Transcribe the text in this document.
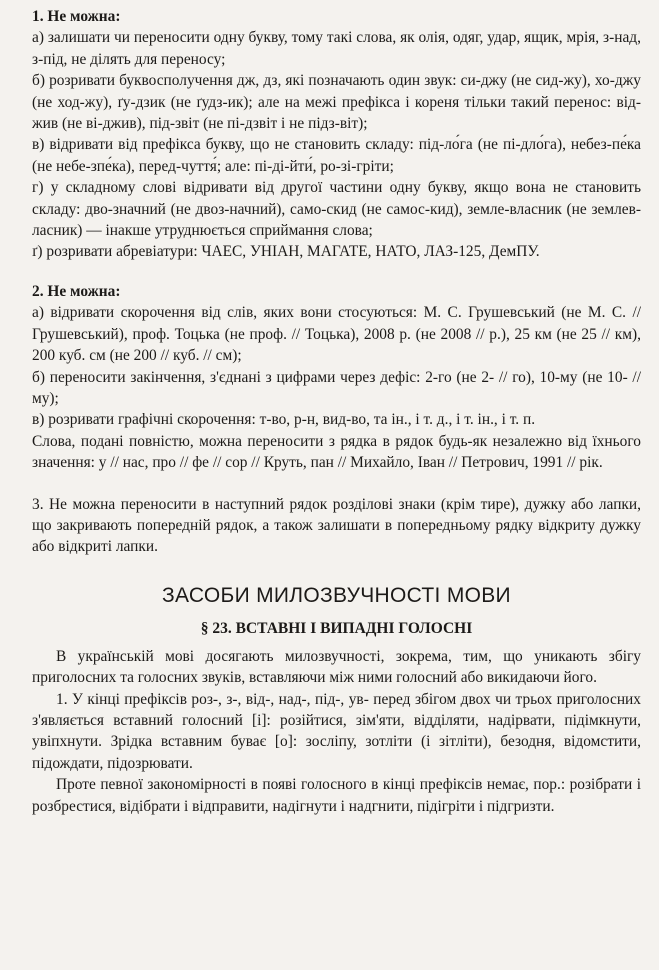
1. Не можна:

а) залишати чи переносити одну букву, тому такі слова, як олія, одяг, удар, ящик, мрія, з-над, з-під, не ділять для переносу;

б) розривати буквосполучення дж, дз, які позначають один звук: си-джу (не сид-жу), хо-джу (не ход-жу), ґу-дзик (не ґудз-ик); але на межі префікса і кореня тільки такий перенос: від-жив (не ві-джив), під-звіт (не пі-дзвіт і не підз-віт);

в) відривати від префікса букву, що не становить складу: під-ло́га (не пі-дло́га), небез-пе́ка (не небе-зпе́ка), перед-чуття́; але: пі-ді-йти́, ро-зі-гріти;

г) у складному слові відривати від другої частини одну букву, якщо вона не становить складу: дво-значний (не двоз-начний), само-скид (не самос-кид), земле-власник (не землев-ласник) — інакше утруднюється сприймання слова;

ґ) розривати абревіатури: ЧАЕС, УНІАН, МАГАТЕ, НАТО, ЛАЗ-125, ДемПУ.

2. Не можна:

а) відривати скорочення від слів, яких вони стосуються: М. С. Грушевський (не М. С. // Грушевський), проф. Тоцька (не проф. // Тоцька), 2008 р. (не 2008 // р.), 25 км (не 25 // км), 200 куб. см (не 200 // куб. // см);

б) переносити закінчення, з'єднані з цифрами через дефіс: 2-го (не 2- // го), 10-му (не 10- // му);

в) розривати графічні скорочення: т-во, р-н, вид-во, та ін., і т. д., і т. ін., і т. п.

Слова, подані повністю, можна переносити з рядка в рядок будь-як незалежно від їхнього значення: у // нас, про // фе // сор // Круть, пан // Михайло, Іван // Петрович, 1991 // рік.

3. Не можна переносити в наступний рядок розділові знаки (крім тире), дужку або лапки, що закривають попередній рядок, а також залишати в попередньому рядку відкриту дужку або відкриті лапки.

ЗАСОБИ МИЛОЗВУЧНОСТІ МОВИ
§ 23. ВСТАВНІ І ВИПАДНІ ГОЛОСНІ

В українській мові досягають милозвучності, зокрема, тим, що уникають збігу приголосних та голосних звуків, вставляючи між ними голосний або викидаючи його.

1. У кінці префіксів роз-, з-, від-, над-, під-, ув- перед збігом двох чи трьох приголосних з'являється вставний голосний [і]: розійтися, зім'яти, відділяти, надірвати, підімкнути, увіпхнути. Зрідка вставним буває [о]: зосліпу, зотліти (і зітліти), безодня, відомстити, підождати, підозрювати.

Проте певної закономірності в появі голосного в кінці префіксів немає, пор.: розібрати і розбрестися, відібрати і відправити, надігнути і надгнити, підігріти і підгризти.
